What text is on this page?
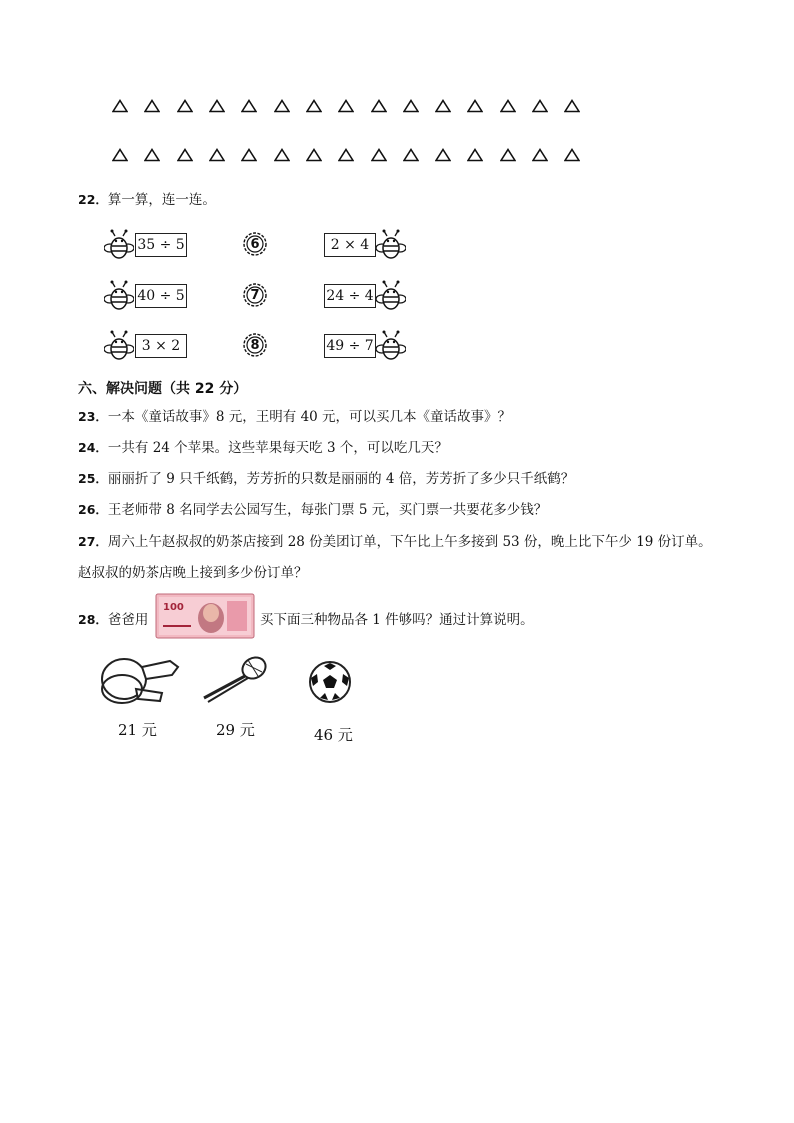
22．算一算，连一连。
35 ÷ 5
40 ÷ 5
3 × 2
6
7
8
2 × 4
24 ÷ 4
49 ÷ 7
六、解决问题（共 22 分）
23．一本《童话故事》8 元，王明有 40 元，可以买几本《童话故事》？
24．一共有 24 个苹果。这些苹果每天吃 3 个，可以吃几天？
25．丽丽折了 9 只千纸鹤，芳芳折的只数是丽丽的 4 倍，芳芳折了多少只千纸鹤？
26．王老师带 8 名同学去公园写生，每张门票 5 元，买门票一共要花多少钱？
27．周六上午赵叔叔的奶茶店接到 28 份美团订单，下午比上午多接到 53 份，晚上比下午少 19 份订单。
赵叔叔的奶茶店晚上接到多少份订单？
28．爸爸用
100
买下面三种物品各 1 件够吗？通过计算说明。
21 元	29 元	46 元
